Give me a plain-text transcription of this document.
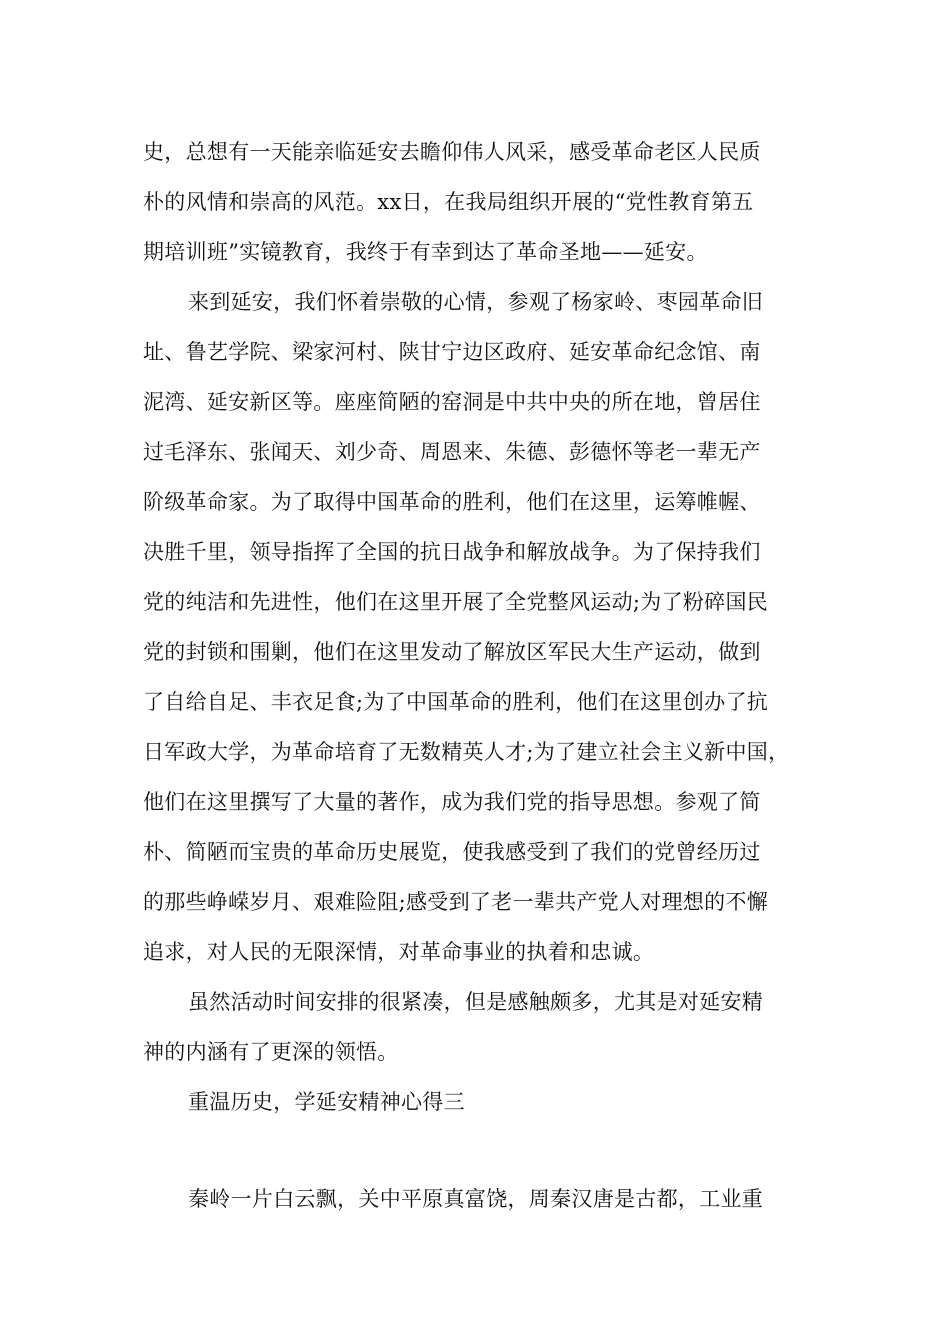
史，总想有一天能亲临延安去瞻仰伟人风采，感受革命老区人民质

朴的风情和崇高的风范。xx日，在我局组织开展的“党性教育第五

期培训班”实镜教育，我终于有幸到达了革命圣地——延安。

来到延安，我们怀着崇敬的心情，参观了杨家岭、枣园革命旧

址、鲁艺学院、梁家河村、陕甘宁边区政府、延安革命纪念馆、南

泥湾、延安新区等。座座简陋的窑洞是中共中央的所在地，曾居住

过毛泽东、张闻天、刘少奇、周恩来、朱德、彭德怀等老一辈无产

阶级革命家。为了取得中国革命的胜利，他们在这里，运筹帷幄、

决胜千里，领导指挥了全国的抗日战争和解放战争。为了保持我们

党的纯洁和先进性，他们在这里开展了全党整风运动;为了粉碎国民

党的封锁和围剿，他们在这里发动了解放区军民大生产运动，做到

了自给自足、丰衣足食;为了中国革命的胜利，他们在这里创办了抗

日军政大学，为革命培育了无数精英人才;为了建立社会主义新中国，

他们在这里撰写了大量的著作，成为我们党的指导思想。参观了简

朴、简陋而宝贵的革命历史展览，使我感受到了我们的党曾经历过

的那些峥嵘岁月、艰难险阻;感受到了老一辈共产党人对理想的不懈

追求，对人民的无限深情，对革命事业的执着和忠诚。

虽然活动时间安排的很紧凑，但是感触颇多，尤其是对延安精

神的内涵有了更深的领悟。

重温历史，学延安精神心得三

秦岭一片白云飘，关中平原真富饶，周秦汉唐是古都，工业重
